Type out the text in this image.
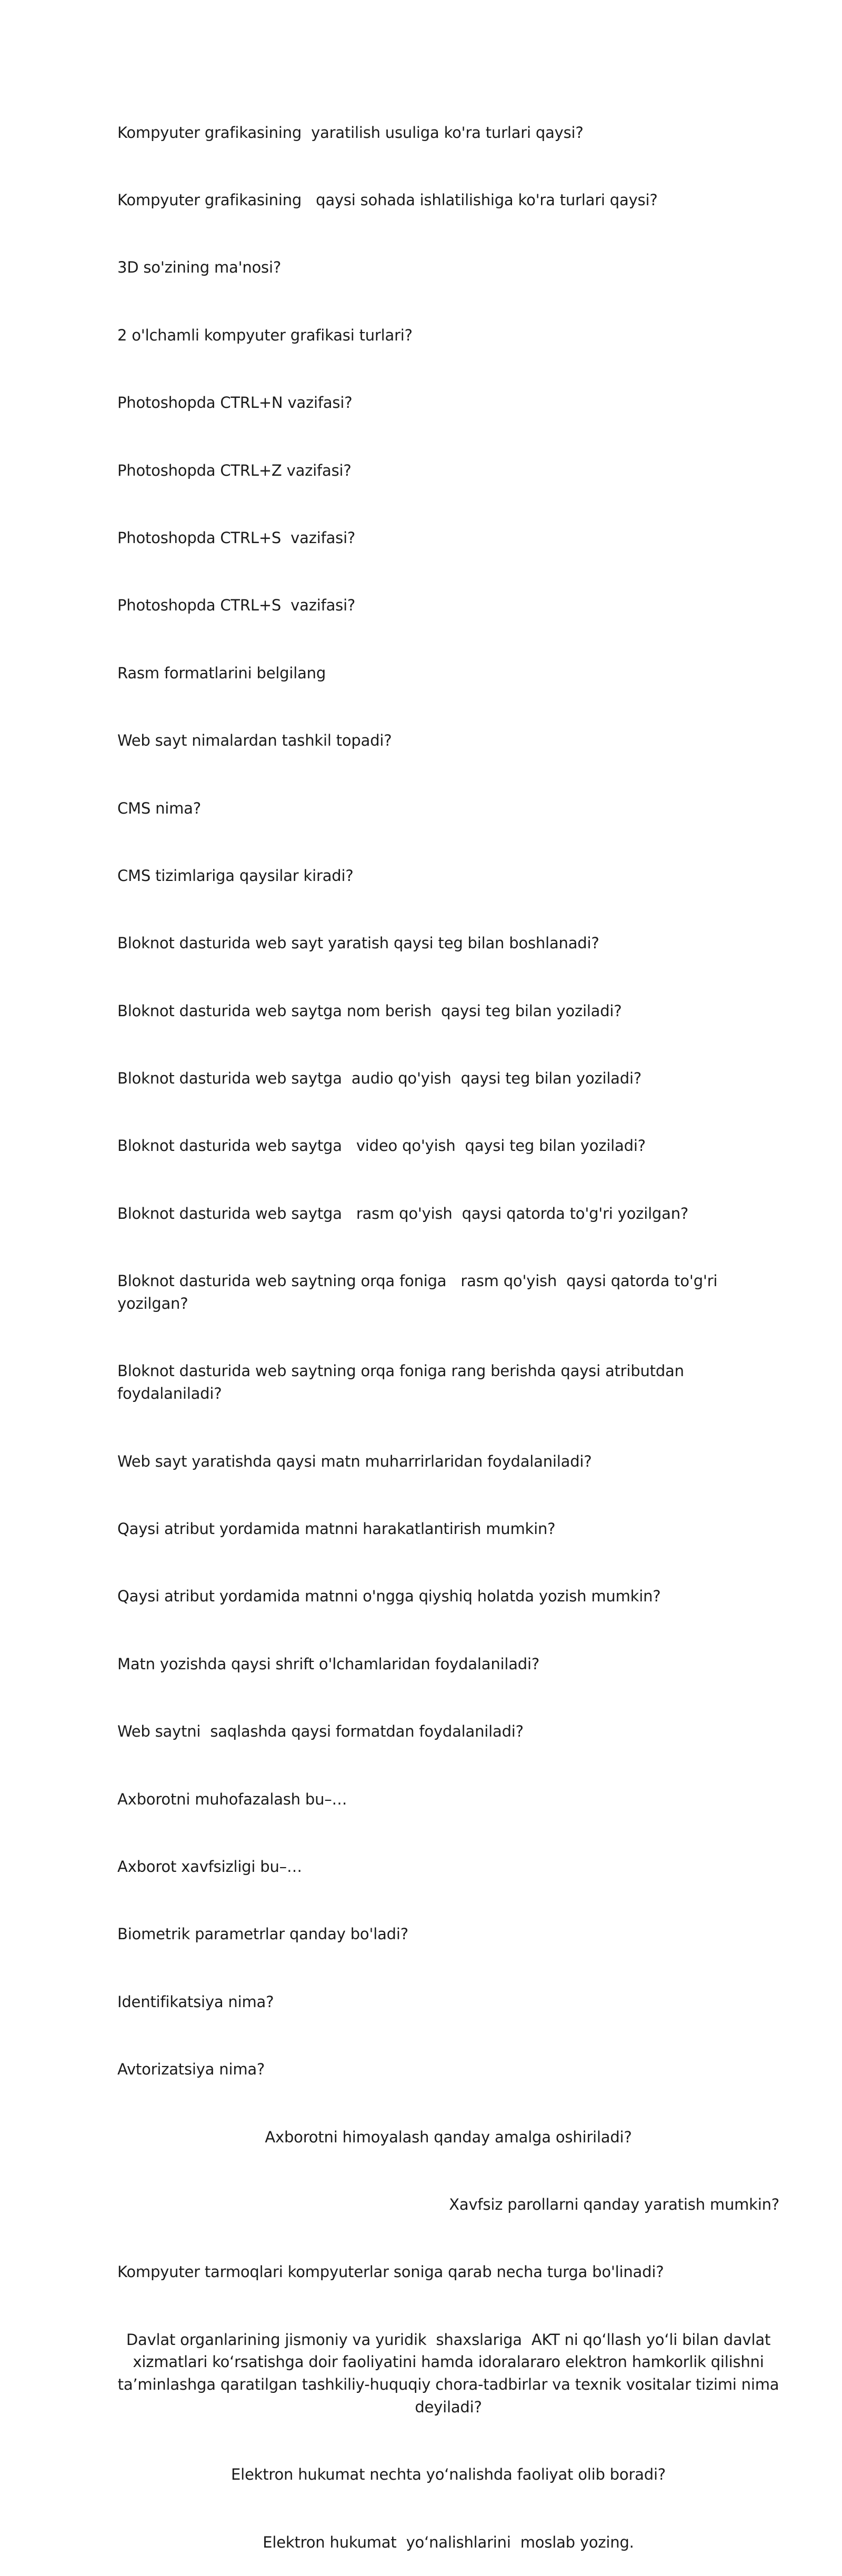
Kompyuter grafikasining  yaratilish usuliga ko'ra turlari qaysi?

Kompyuter grafikasining   qaysi sohada ishlatilishiga ko'ra turlari qaysi?

3D so'zining ma'nosi?

2 o'lchamli kompyuter grafikasi turlari?

Photoshopda CTRL+N vazifasi?

Photoshopda CTRL+Z vazifasi?

Photoshopda CTRL+S  vazifasi?

Photoshopda CTRL+S  vazifasi?

Rasm formatlarini belgilang

Web sayt nimalardan tashkil topadi?

CMS nima?

CMS tizimlariga qaysilar kiradi?

Bloknot dasturida web sayt yaratish qaysi teg bilan boshlanadi?

Bloknot dasturida web saytga nom berish  qaysi teg bilan yoziladi?

Bloknot dasturida web saytga  audio qo'yish  qaysi teg bilan yoziladi?

Bloknot dasturida web saytga   video qo'yish  qaysi teg bilan yoziladi?

Bloknot dasturida web saytga   rasm qo'yish  qaysi qatorda to'g'ri yozilgan?

Bloknot dasturida web saytning orqa foniga   rasm qo'yish  qaysi qatorda to'g'ri yozilgan?

Bloknot dasturida web saytning orqa foniga rang berishda qaysi atributdan foydalaniladi?

Web sayt yaratishda qaysi matn muharrirlaridan foydalaniladi?

Qaysi atribut yordamida matnni harakatlantirish mumkin?

Qaysi atribut yordamida matnni o'ngga qiyshiq holatda yozish mumkin?

Matn yozishda qaysi shrift o'lchamlaridan foydalaniladi?

Web saytni  saqlashda qaysi formatdan foydalaniladi?

Axborotni muhofazalash bu–…

Axborot xavfsizligi bu–…

Biometrik parametrlar qanday bo'ladi?

Identifikatsiya nima?

Avtorizatsiya nima?

Axborotni himoyalash qanday amalga oshiriladi?

Xavfsiz parollarni qanday yaratish mumkin?

Kompyuter tarmoqlari kompyuterlar soniga qarab necha turga bo'linadi?

Davlat organlarining jismoniy va yuridik  shaxslariga  AKT ni qo‘llash yo‘li bilan davlat xizmatlari ko‘rsatishga doir faoliyatini hamda idoralararo elektron hamkorlik qilishni ta’minlashga qaratilgan tashkiliy-huquqiy chora-tadbirlar va texnik vositalar tizimi nima deyiladi?

Elektron hukumat nechta yo‘nalishda faoliyat olib boradi?

Elektron hukumat  yo‘nalishlarini  moslab yozing.
